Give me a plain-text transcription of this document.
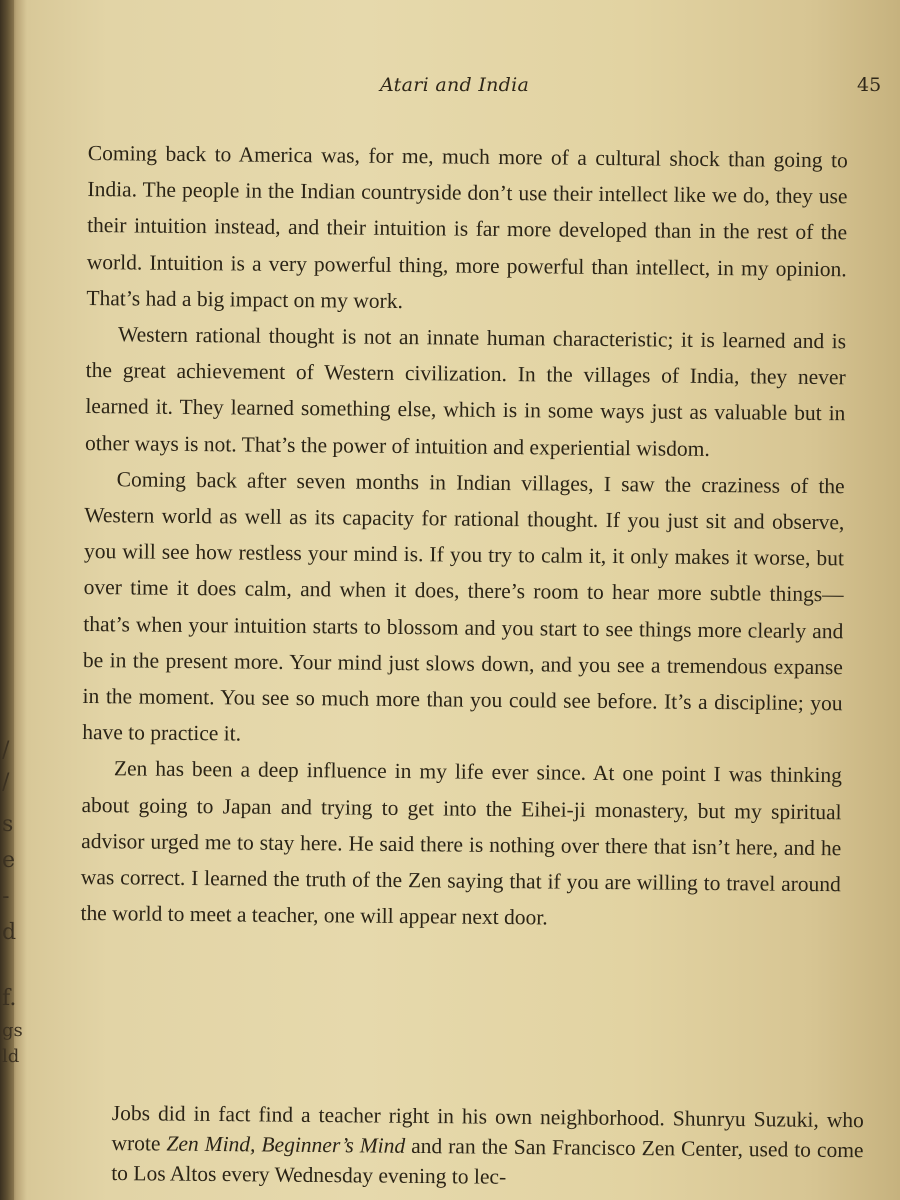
/
/
s
e
-
d
f.
gs
ld
Atari and India	45

Coming back to America was, for me, much more of a cultural shock than going to India. The people in the Indian countryside don’t use their intellect like we do, they use their intuition instead, and their intuition is far more developed than in the rest of the world. Intuition is a very powerful thing, more powerful than intellect, in my opinion. That’s had a big impact on my work.

Western rational thought is not an innate human characteristic; it is learned and is the great achievement of Western civilization. In the villages of India, they never learned it. They learned something else, which is in some ways just as valuable but in other ways is not. That’s the power of intuition and experiential wisdom.

Coming back after seven months in Indian villages, I saw the craziness of the Western world as well as its capacity for rational thought. If you just sit and observe, you will see how restless your mind is. If you try to calm it, it only makes it worse, but over time it does calm, and when it does, there’s room to hear more subtle things—that’s when your intuition starts to blossom and you start to see things more clearly and be in the present more. Your mind just slows down, and you see a tremendous expanse in the moment. You see so much more than you could see before. It’s a discipline; you have to practice it.

Zen has been a deep influence in my life ever since. At one point I was thinking about going to Japan and trying to get into the Eihei-ji monastery, but my spiritual advisor urged me to stay here. He said there is nothing over there that isn’t here, and he was correct. I learned the truth of the Zen saying that if you are willing to travel around the world to meet a teacher, one will appear next door.

Jobs did in fact find a teacher right in his own neighborhood. Shunryu Suzuki, who wrote Zen Mind, Beginner’s Mind and ran the San Francisco Zen Center, used to come to Los Altos every Wednesday evening to lec-
